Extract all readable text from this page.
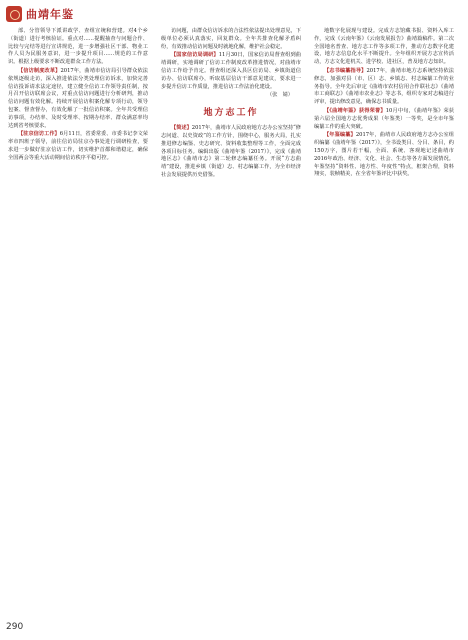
曲靖年鉴

部、分管领导下派讲政学、查组宣统和营建。对4个乡（街道）进行考核验证。重点对……提醒抽查与问题合作、比较与完结等进行宣讲规范，进一步增强社区干部、物业工作人员为民服务意识，进一步提升项目……规范的工作意识。根据上级要求不断改进群众工作方法。

【信访制度改革】2017年，曲靖市信访局引导群众依法依规逐级走访，深入推进依法分类处理信访诉求，加快完善信访投诉请求法定途径，建立健全信访工作领导责任制，按月召开信访联席会议，对重点信访问题进行分析研判，推动信访问题有效化解。持续开展信访积案化解专项行动，领导包案、督查督办，有效化解了一批信访积案。全年共受理信访事项，办结率、及时受理率、按期办结率、群众满意率均达到省考核要求。

【驻京信访工作】6月11日，省委常委、市委书记李文荣率市四班子领导，前往信访局驻京办事处进行调研检查，要求进一步做好驻京信访工作，切实维护首都和谐稳定，确保全国两会等重大活动期间信访秩序平稳可控。

访问题，由群众信访诉求的合法性依法提出处理意见，下级单位必须认真落实，回复群众。全年共排查化解矛盾纠纷，有效推动信访问题及时就地化解，维护社会稳定。

【国家信访局调研】11月30日，国家信访局督查组到曲靖调研，实地调研了信访工作制度改革推进情况，对曲靖市信访工作给予肯定。督查组还深入县区信访局、乡镇街道信访办、信访联席办，听取基层信访干部意见建议，要求进一步提升信访工作质量，推进信访工作法治化建设。

（张　婧）

地方志工作

【简述】2017年，曲靖市人民政府地方志办公室坚持“修志问道、以史资政”的工作方针，围绕中心，服务大局，扎实推进修志编鉴、史志研究、资料收集整理等工作，全面完成各项目标任务。编辑出版《曲靖年鉴（2017）》，完成《曲靖地区志》《曲靖市志》第二轮修志编纂任务。开展“方志曲靖”建设，推进乡镇（街道）志、村志编纂工作，为全市经济社会发展提供历史借鉴。

地数字化展现与建设。完成方志馆藏书报、资料入库工作，完成《云南年鉴》《云南发展报告》曲靖篇稿件。第二次全国地名普查、地方志工作等多项工作，推动方志数字化建设，地方志信息化水平不断提升。全年组织开展方志宣传活动，方志文化进机关、进学校、进社区，普及地方志知识。

【志书编纂指导】2017年，曲靖市地方志系统坚持依法修志，加强对县（市、区）志、乡镇志、村志编纂工作的业务指导。全年先后审定《曲靖市农村信用合作联社志》《曲靖市工商联志》《曲靖市农业志》等志书，组织专家对志稿进行评审，提出修改意见，确保志书质量。

【《曲靖年鉴》获得荣誉】10月中旬，《曲靖年鉴》荣获第六届全国地方志优秀成果（年鉴类）一等奖，是全市年鉴编纂工作的重大突破。

【年鉴编纂】2017年，曲靖市人民政府地方志办公室组织编纂《曲靖年鉴（2017）》，全书设类目、分目、条目，约150万字，图片若干幅，全面、系统、客观地记述曲靖市2016年政治、经济、文化、社会、生态等各方面发展情况。年鉴坚持“资料性、地方性、年度性”特点，框架合理，资料翔实，装帧精美，在全省年鉴评比中获奖。

290
